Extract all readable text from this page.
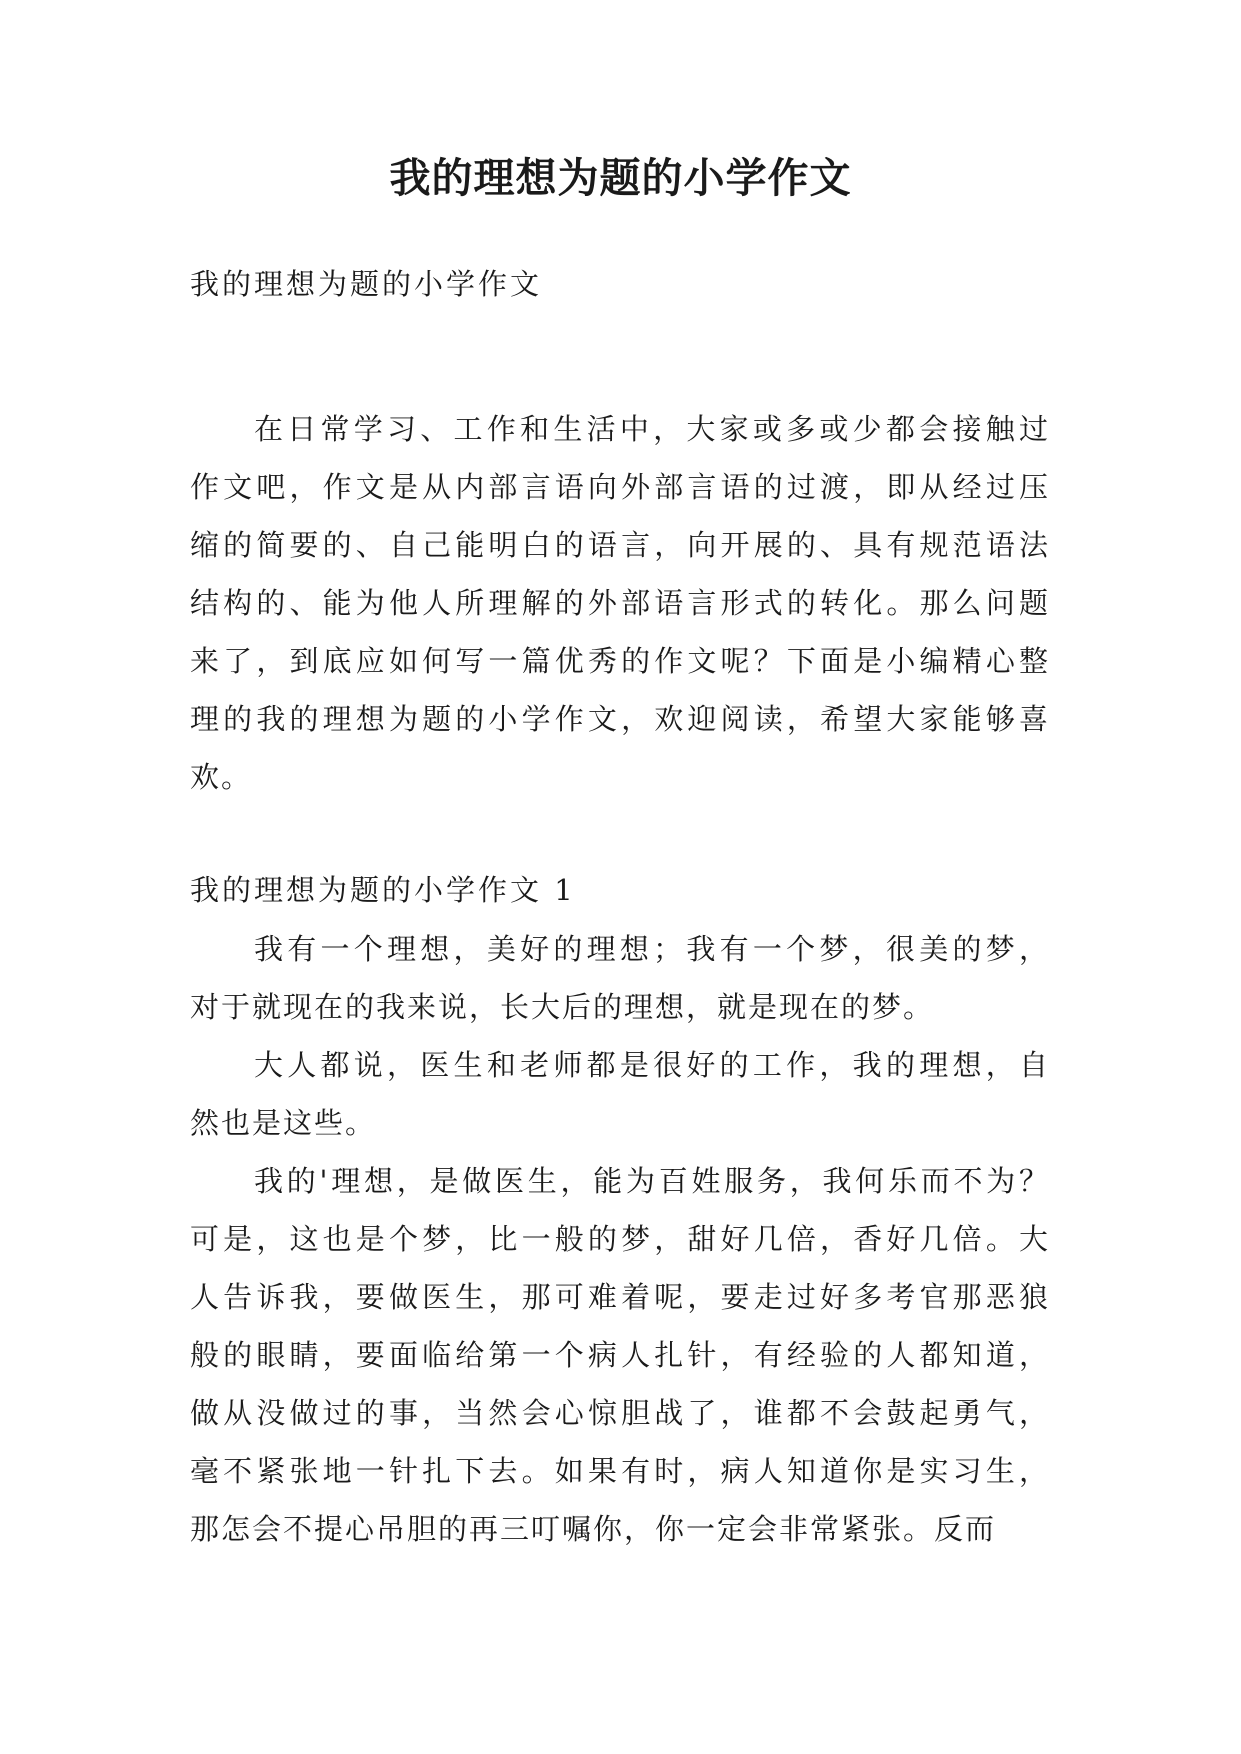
我的理想为题的小学作文

我的理想为题的小学作文

在日常学习、工作和生活中，大家或多或少都会接触过
作文吧，作文是从内部言语向外部言语的过渡，即从经过压
缩的简要的、自己能明白的语言，向开展的、具有规范语法
结构的、能为他人所理解的外部语言形式的转化。那么问题
来了，到底应如何写一篇优秀的作文呢？下面是小编精心整
理的我的理想为题的小学作文，欢迎阅读，希望大家能够喜
欢。

我的理想为题的小学作文 1

我有一个理想，美好的理想；我有一个梦，很美的梦，
对于就现在的我来说，长大后的理想，就是现在的梦。
大人都说，医生和老师都是很好的工作，我的理想，自
然也是这些。
我的'理想，是做医生，能为百姓服务，我何乐而不为？
可是，这也是个梦，比一般的梦，甜好几倍，香好几倍。大
人告诉我，要做医生，那可难着呢，要走过好多考官那恶狼
般的眼睛，要面临给第一个病人扎针，有经验的人都知道，
做从没做过的事，当然会心惊胆战了，谁都不会鼓起勇气，
毫不紧张地一针扎下去。如果有时，病人知道你是实习生，
那怎会不提心吊胆的再三叮嘱你，你一定会非常紧张。反而
